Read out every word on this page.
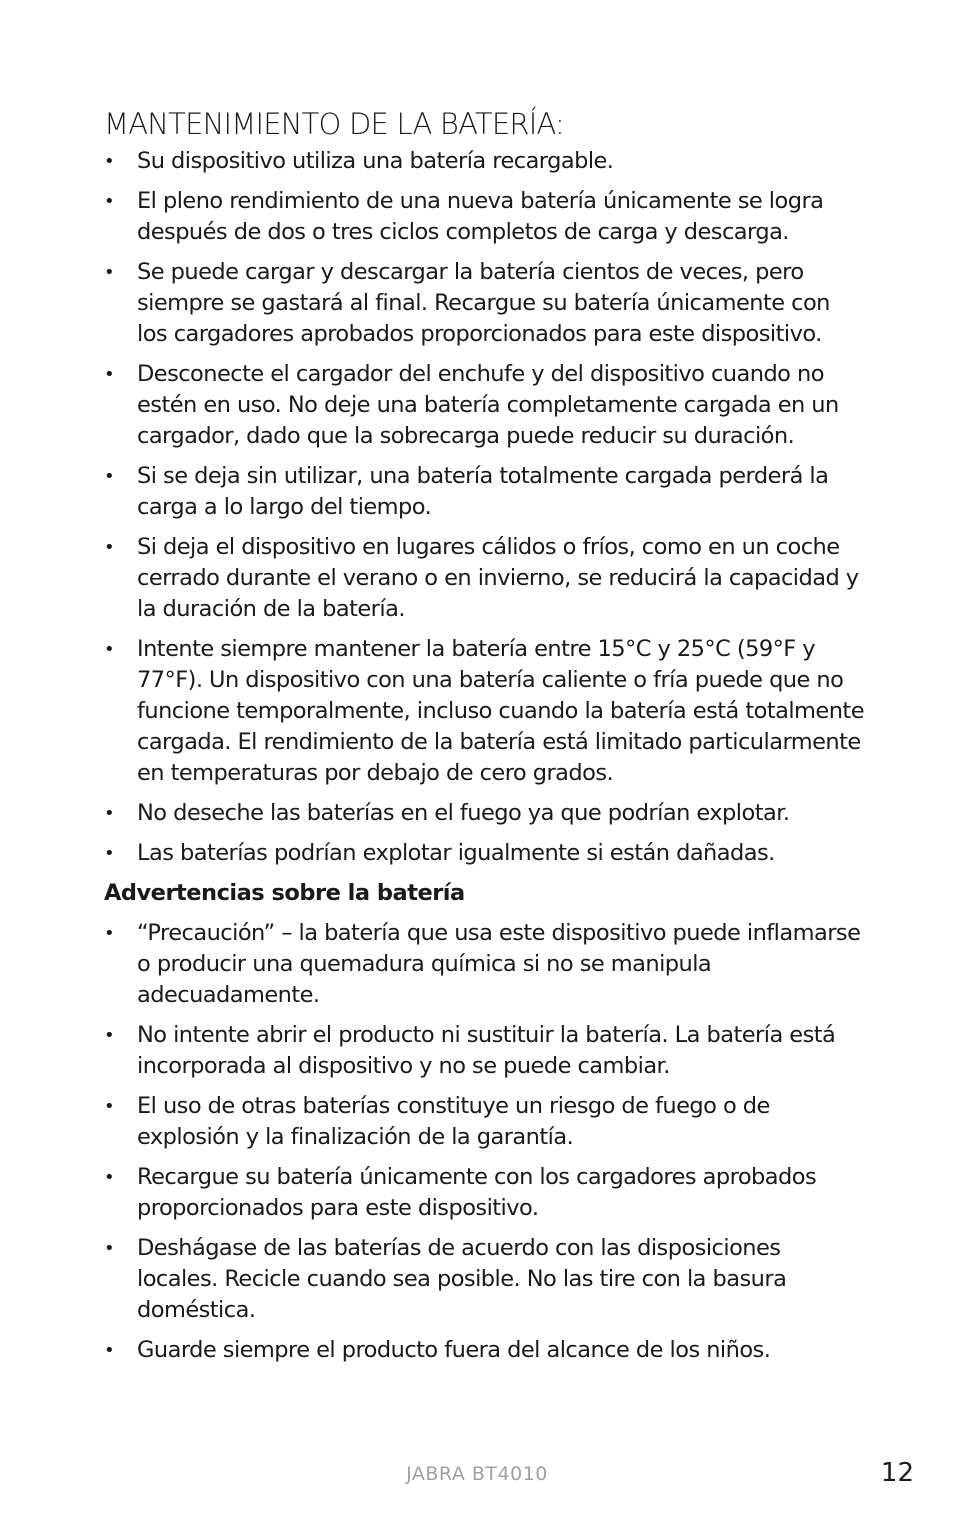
MANTENIMIENTO DE LA BATERÍA:
• Su dispositivo utiliza una batería recargable.
• El pleno rendimiento de una nueva batería únicamente se logra después de dos o tres ciclos completos de carga y descarga.
• Se puede cargar y descargar la batería cientos de veces, pero siempre se gastará al final. Recargue su batería únicamente con los cargadores aprobados proporcionados para este dispositivo.
• Desconecte el cargador del enchufe y del dispositivo cuando no estén en uso. No deje una batería completamente cargada en un cargador, dado que la sobrecarga puede reducir su duración.
• Si se deja sin utilizar, una batería totalmente cargada perderá la carga a lo largo del tiempo.
• Si deja el dispositivo en lugares cálidos o fríos, como en un coche cerrado durante el verano o en invierno, se reducirá la capacidad y la duración de la batería.
• Intente siempre mantener la batería entre 15°C y 25°C (59°F y 77°F). Un dispositivo con una batería caliente o fría puede que no funcione temporalmente, incluso cuando la batería está totalmente cargada. El rendimiento de la batería está limitado particularmente en temperaturas por debajo de cero grados.
• No deseche las baterías en el fuego ya que podrían explotar.
• Las baterías podrían explotar igualmente si están dañadas.
Advertencias sobre la batería
• “Precaución” – la batería que usa este dispositivo puede inflamarse o producir una quemadura química si no se manipula adecuadamente.
• No intente abrir el producto ni sustituir la batería. La batería está incorporada al dispositivo y no se puede cambiar.
• El uso de otras baterías constituye un riesgo de fuego o de explosión y la finalización de la garantía.
• Recargue su batería únicamente con los cargadores aprobados proporcionados para este dispositivo.
• Deshágase de las baterías de acuerdo con las disposiciones locales. Recicle cuando sea posible. No las tire con la basura doméstica.
• Guarde siempre el producto fuera del alcance de los niños.
JABRA BT4010	12
